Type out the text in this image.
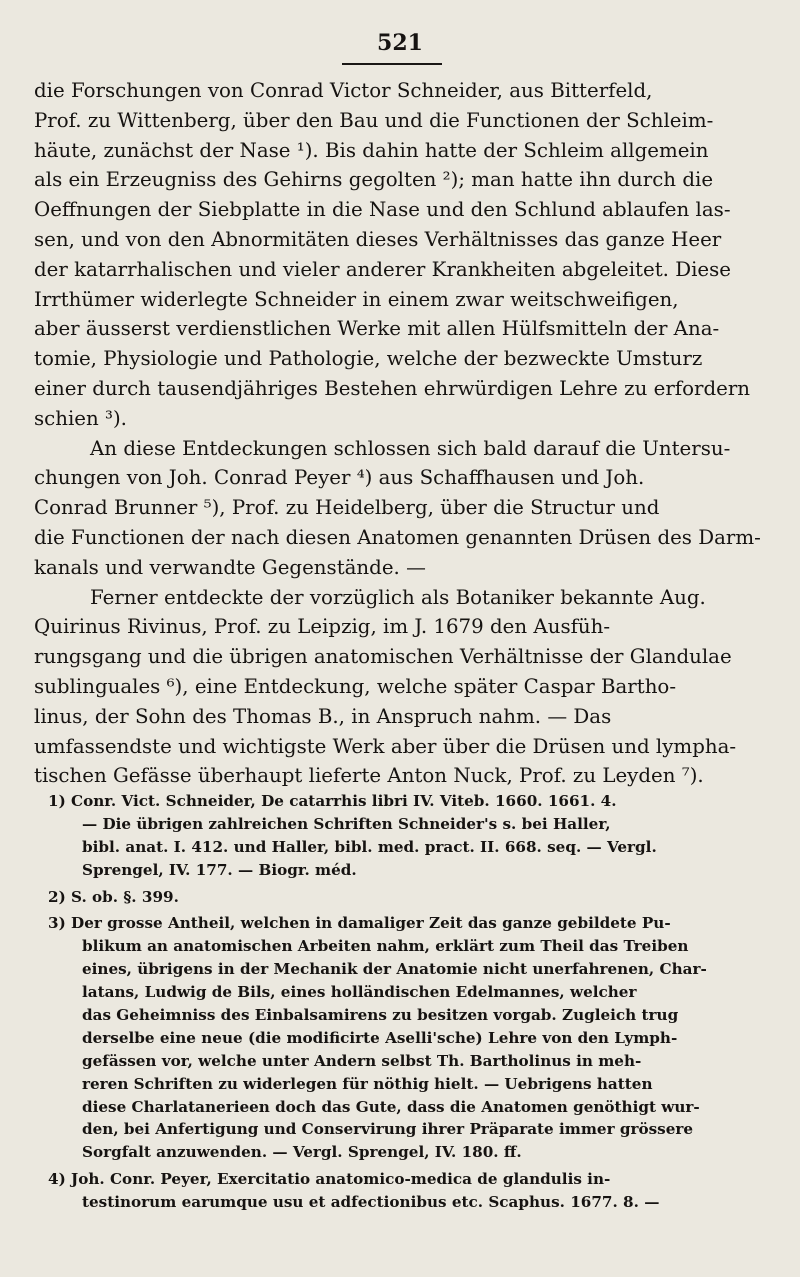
521
die Forschungen von Conrad Victor Schneider, aus Bitterfeld,
Prof. zu Wittenberg, über den Bau und die Functionen der Schleim-
häute, zunächst der Nase ¹). Bis dahin hatte der Schleim allgemein
als ein Erzeugniss des Gehirns gegolten ²); man hatte ihn durch die
Oeffnungen der Siebplatte in die Nase und den Schlund ablaufen las-
sen, und von den Abnormitäten dieses Verhältnisses das ganze Heer
der katarrhalischen und vieler anderer Krankheiten abgeleitet. Diese
Irrthümer widerlegte Schneider in einem zwar weitschweifigen,
aber äusserst verdienstlichen Werke mit allen Hülfsmitteln der Ana-
tomie, Physiologie und Pathologie, welche der bezweckte Umsturz
einer durch tausendjähriges Bestehen ehrwürdigen Lehre zu erfordern
schien ³).
An diese Entdeckungen schlossen sich bald darauf die Untersu-
chungen von Joh. Conrad Peyer ⁴) aus Schaffhausen und Joh.
Conrad Brunner ⁵), Prof. zu Heidelberg, über die Structur und
die Functionen der nach diesen Anatomen genannten Drüsen des Darm-
kanals und verwandte Gegenstände. —
Ferner entdeckte der vorzüglich als Botaniker bekannte Aug.
Quirinus Rivinus, Prof. zu Leipzig, im J. 1679 den Ausfüh-
rungsgang und die übrigen anatomischen Verhältnisse der Glandulae
sublinguales ⁶), eine Entdeckung, welche später Caspar Bartho-
linus, der Sohn des Thomas B., in Anspruch nahm. — Das
umfassendste und wichtigste Werk aber über die Drüsen und lympha-
tischen Gefässe überhaupt lieferte Anton Nuck, Prof. zu Leyden ⁷).
1) Conr. Vict. Schneider, De catarrhis libri IV. Viteb. 1660. 1661. 4.
— Die übrigen zahlreichen Schriften Schneider's s. bei Haller,
bibl. anat. I. 412. und Haller, bibl. med. pract. II. 668. seq. — Vergl.
Sprengel, IV. 177. — Biogr. méd.
2) S. ob. §. 399.
3) Der grosse Antheil, welchen in damaliger Zeit das ganze gebildete Pu-
blikum an anatomischen Arbeiten nahm, erklärt zum Theil das Treiben
eines, übrigens in der Mechanik der Anatomie nicht unerfahrenen, Char-
latans, Ludwig de Bils, eines holländischen Edelmannes, welcher
das Geheimniss des Einbalsamirens zu besitzen vorgab. Zugleich trug
derselbe eine neue (die modificirte Aselli'sche) Lehre von den Lymph-
gefässen vor, welche unter Andern selbst Th. Bartholinus in meh-
reren Schriften zu widerlegen für nöthig hielt. — Uebrigens hatten
diese Charlatanerieen doch das Gute, dass die Anatomen genöthigt wur-
den, bei Anfertigung und Conservirung ihrer Präparate immer grössere
Sorgfalt anzuwenden. — Vergl. Sprengel, IV. 180. ff.
4) Joh. Conr. Peyer, Exercitatio anatomico-medica de glandulis in-
testinorum earumque usu et adfectionibus etc. Scaphus. 1677. 8. —
